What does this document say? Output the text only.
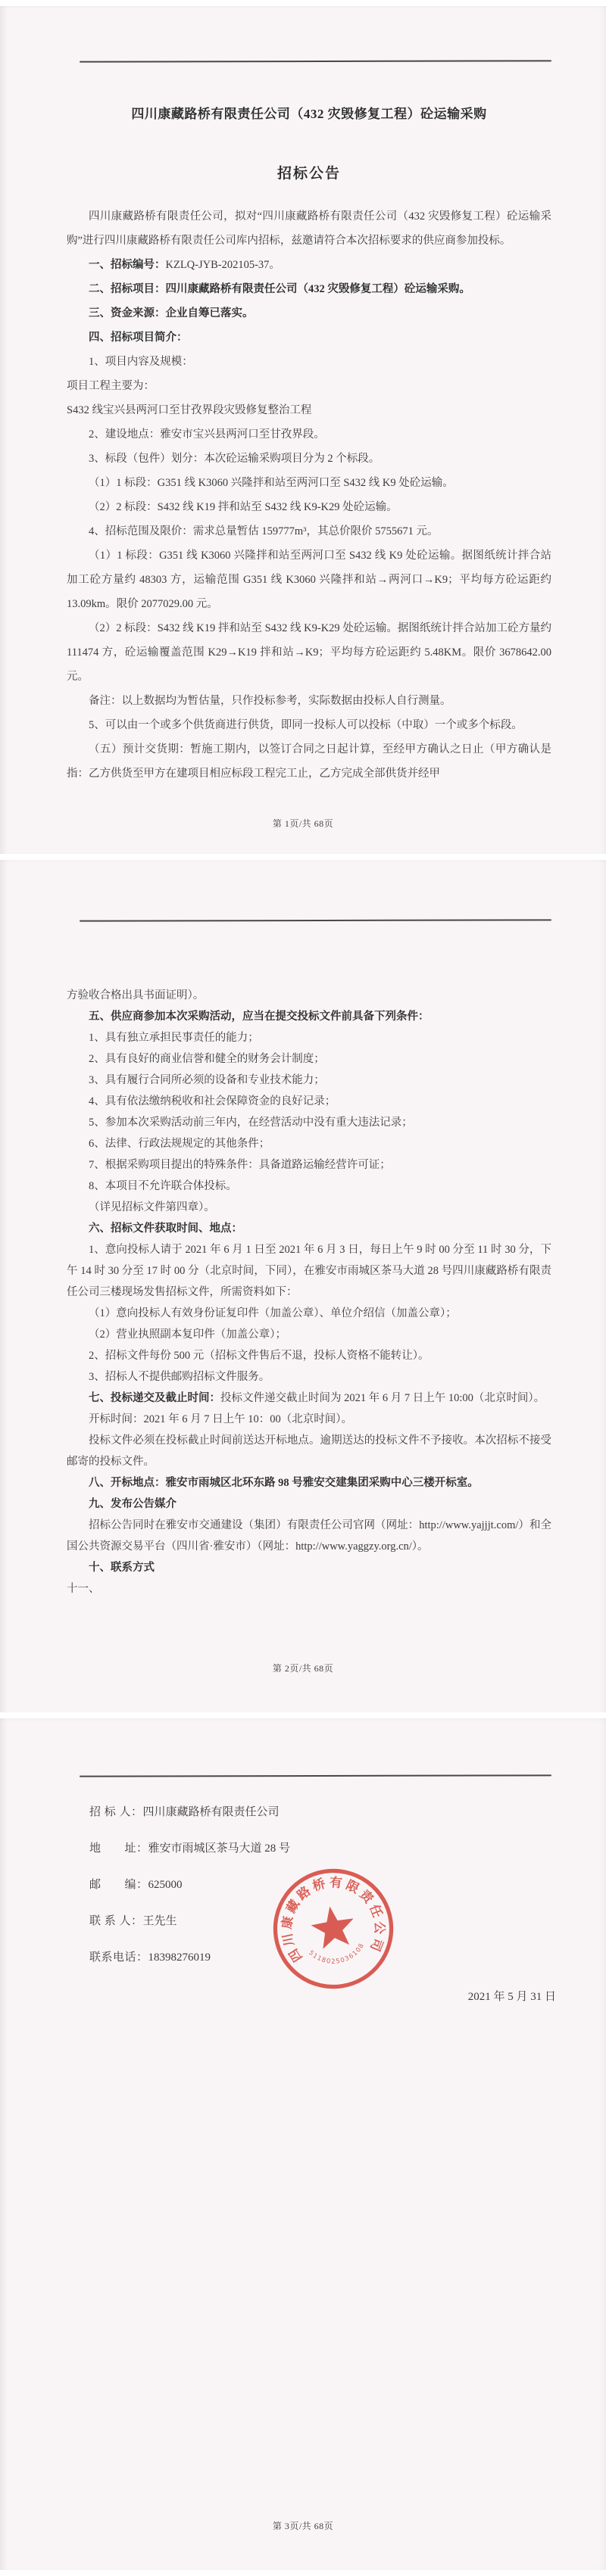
四川康藏路桥有限责任公司（432 灾毁修复工程）砼运输采购
招标公告

四川康藏路桥有限责任公司，拟对“四川康藏路桥有限责任公司（432 灾毁修复工程）砼运输采购”进行四川康藏路桥有限责任公司库内招标，兹邀请符合本次招标要求的供应商参加投标。

一、招标编号：KZLQ-JYB-202105-37。

二、招标项目：四川康藏路桥有限责任公司（432 灾毁修复工程）砼运输采购。

三、资金来源：企业自筹已落实。

四、招标项目简介：

1、项目内容及规模：

项目工程主要为：

S432 线宝兴县两河口至甘孜界段灾毁修复整治工程

2、建设地点：雅安市宝兴县两河口至甘孜界段。

3、标段（包件）划分：本次砼运输采购项目分为 2 个标段。

（1）1 标段：G351 线 K3060 兴隆拌和站至两河口至 S432 线 K9 处砼运输。

（2）2 标段：S432 线 K19 拌和站至 S432 线 K9-K29 处砼运输。

4、招标范围及限价：需求总量暂估 159777m³，其总价限价 5755671 元。

（1）1 标段：G351 线 K3060 兴隆拌和站至两河口至 S432 线 K9 处砼运输。据图纸统计拌合站加工砼方量约 48303 方，运输范围 G351 线 K3060 兴隆拌和站→两河口→K9；平均每方砼运距约 13.09km。限价 2077029.00 元。

（2）2 标段：S432 线 K19 拌和站至 S432 线 K9-K29 处砼运输。据图纸统计拌合站加工砼方量约 111474 方，砼运输覆盖范围 K29→K19 拌和站→K9；平均每方砼运距约 5.48KM。限价 3678642.00 元。

备注：以上数据均为暂估量，只作投标参考，实际数据由投标人自行测量。

5、可以由一个或多个供货商进行供货，即同一投标人可以投标（中取）一个或多个标段。

（五）预计交货期：暂施工期内，以签订合同之日起计算，至经甲方确认之日止（甲方确认是指：乙方供货至甲方在建项目相应标段工程完工止，乙方完成全部供货并经甲

第 1页/共 68页

方验收合格出具书面证明）。

五、供应商参加本次采购活动，应当在提交投标文件前具备下列条件：

1、具有独立承担民事责任的能力；

2、具有良好的商业信誉和健全的财务会计制度；

3、具有履行合同所必须的设备和专业技术能力；

4、具有依法缴纳税收和社会保障资金的良好记录；

5、参加本次采购活动前三年内，在经营活动中没有重大违法记录；

6、法律、行政法规规定的其他条件；

7、根据采购项目提出的特殊条件：具备道路运输经营许可证；

8、本项目不允许联合体投标。

（详见招标文件第四章）。

六、招标文件获取时间、地点：

1、意向投标人请于 2021 年 6 月 1 日至 2021 年 6 月 3 日，每日上午 9 时 00 分至 11 时 30 分，下午 14 时 30 分至 17 时 00 分（北京时间，下同），在雅安市雨城区茶马大道 28 号四川康藏路桥有限责任公司三楼现场发售招标文件，所需资料如下：

（1）意向投标人有效身份证复印件（加盖公章）、单位介绍信（加盖公章）；

（2）营业执照副本复印件（加盖公章）；

2、招标文件每份 500 元（招标文件售后不退，投标人资格不能转让）。

3、招标人不提供邮购招标文件服务。

七、投标递交及截止时间：投标文件递交截止时间为 2021 年 6 月 7 日上午 10:00（北京时间）。

开标时间：2021 年 6 月 7 日上午 10：00（北京时间）。

投标文件必须在投标截止时间前送达开标地点。逾期送达的投标文件不予接收。本次招标不接受邮寄的投标文件。

八、开标地点：雅安市雨城区北环东路 98 号雅安交建集团采购中心三楼开标室。

九、发布公告媒介

招标公告同时在雅安市交通建设（集团）有限责任公司官网（网址：http://www.yajjjt.com/）和全国公共资源交易平台（四川省·雅安市）（网址：http://www.yaggzy.org.cn/）。

十、联系方式

十一、

第 2页/共 68页

招 标 人：四川康藏路桥有限责任公司

地　　址：雅安市雨城区茶马大道 28 号

邮　　编：625000

联 系 人：王先生

联系电话：18398276019	四川康藏路桥有限责任公司
5118025036108
2021 年 5 月 31 日
第 3页/共 68页
